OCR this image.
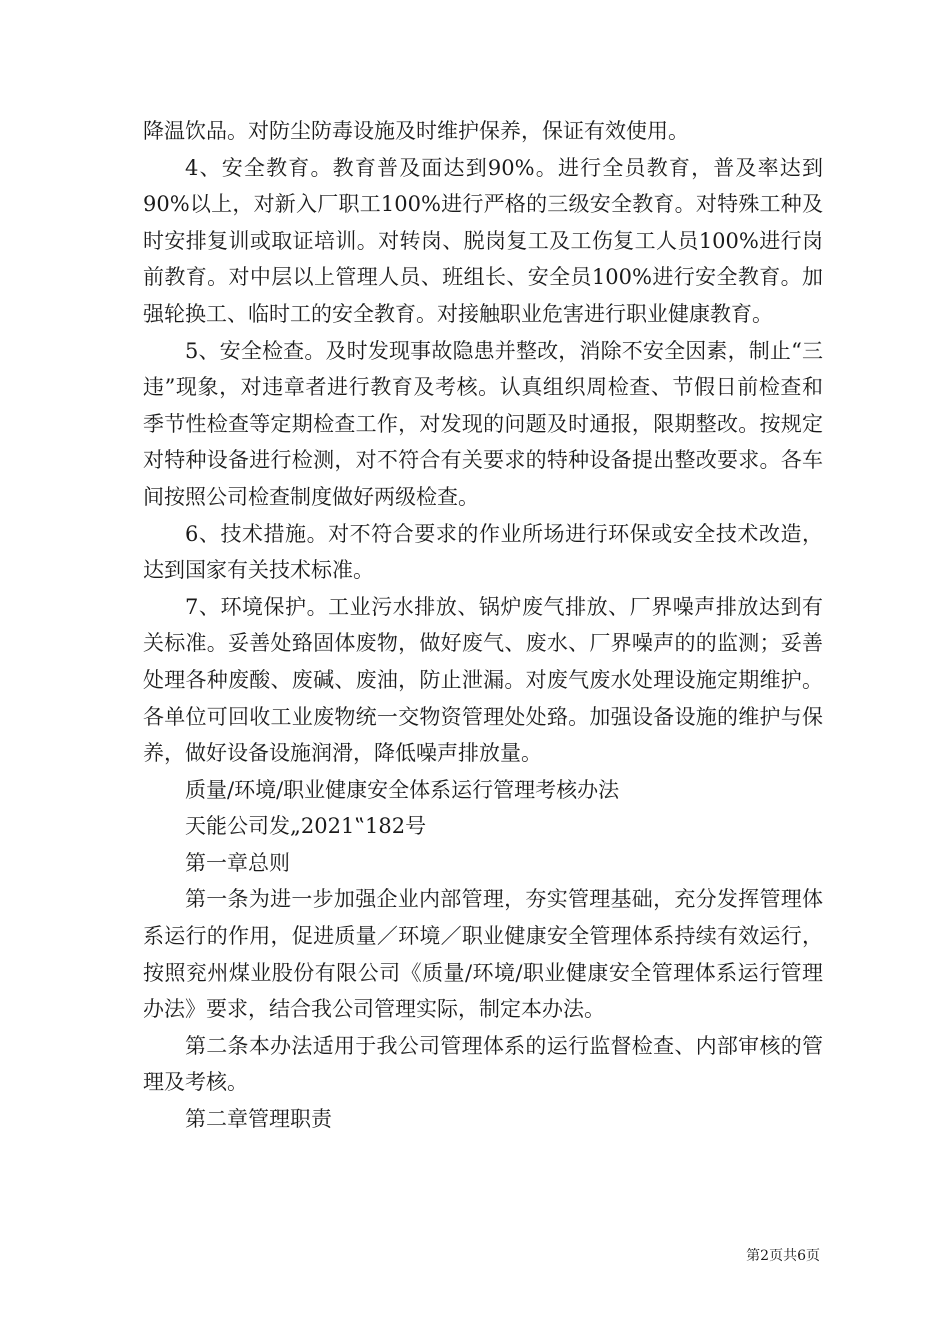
降温饮品。对防尘防毒设施及时维护保养，保证有效使用。

4、安全教育。教育普及面达到90%。进行全员教育，普及率达到90%以上，对新入厂职工100%进行严格的三级安全教育。对特殊工种及时安排复训或取证培训。对转岗、脱岗复工及工伤复工人员100%进行岗前教育。对中层以上管理人员、班组长、安全员100%进行安全教育。加强轮换工、临时工的安全教育。对接触职业危害进行职业健康教育。

5、安全检查。及时发现事故隐患并整改，消除不安全因素，制止“三违”现象，对违章者进行教育及考核。认真组织周检查、节假日前检查和季节性检查等定期检查工作，对发现的问题及时通报，限期整改。按规定对特种设备进行检测，对不符合有关要求的特种设备提出整改要求。各车间按照公司检查制度做好两级检查。

6、技术措施。对不符合要求的作业所场进行环保或安全技术改造，达到国家有关技术标准。

7、环境保护。工业污水排放、锅炉废气排放、厂界噪声排放达到有关标准。妥善处臵固体废物，做好废气、废水、厂界噪声的的监测；妥善处理各种废酸、废碱、废油，防止泄漏。对废气废水处理设施定期维护。各单位可回收工业废物统一交物资管理处处臵。加强设备设施的维护与保养，做好设备设施润滑，降低噪声排放量。

质量/环境/职业健康安全体系运行管理考核办法

天能公司发„2021‟182号

第一章总则

第一条为进一步加强企业内部管理，夯实管理基础，充分发挥管理体系运行的作用，促进质量／环境／职业健康安全管理体系持续有效运行，按照兖州煤业股份有限公司《质量/环境/职业健康安全管理体系运行管理办法》要求，结合我公司管理实际，制定本办法。

第二条本办法适用于我公司管理体系的运行监督检查、内部审核的管理及考核。

第二章管理职责

第2页共6页
